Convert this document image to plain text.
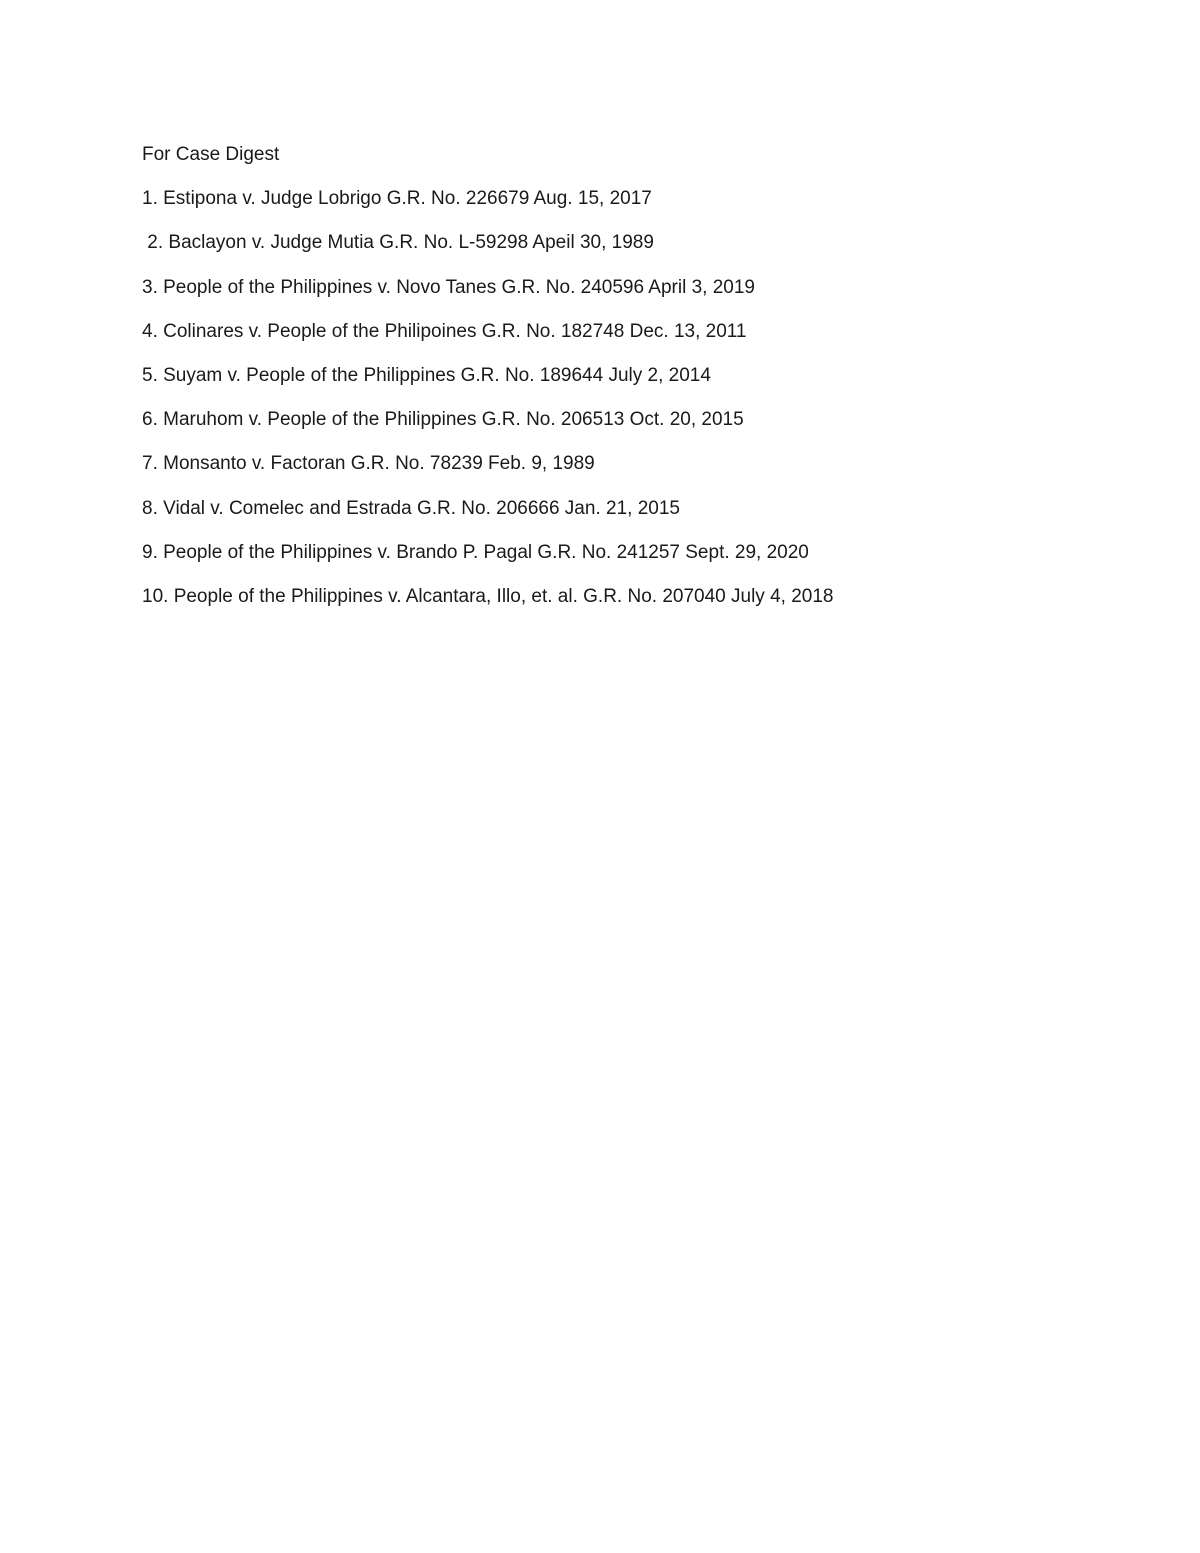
For Case Digest
1. Estipona v. Judge Lobrigo G.R. No. 226679 Aug. 15, 2017
2. Baclayon v. Judge Mutia G.R. No. L-59298 Apeil 30, 1989
3. People of the Philippines v. Novo Tanes G.R. No. 240596 April 3, 2019
4. Colinares v. People of the Philipoines G.R. No. 182748 Dec. 13, 2011
5. Suyam v. People of the Philippines G.R. No. 189644 July 2, 2014
6. Maruhom v. People of the Philippines G.R. No. 206513 Oct. 20, 2015
7. Monsanto v. Factoran G.R. No. 78239 Feb. 9, 1989
8. Vidal v. Comelec and Estrada G.R. No. 206666 Jan. 21, 2015
9. People of the Philippines v. Brando P. Pagal G.R. No. 241257 Sept. 29, 2020
10. People of the Philippines v. Alcantara, Illo, et. al. G.R. No. 207040 July 4, 2018
